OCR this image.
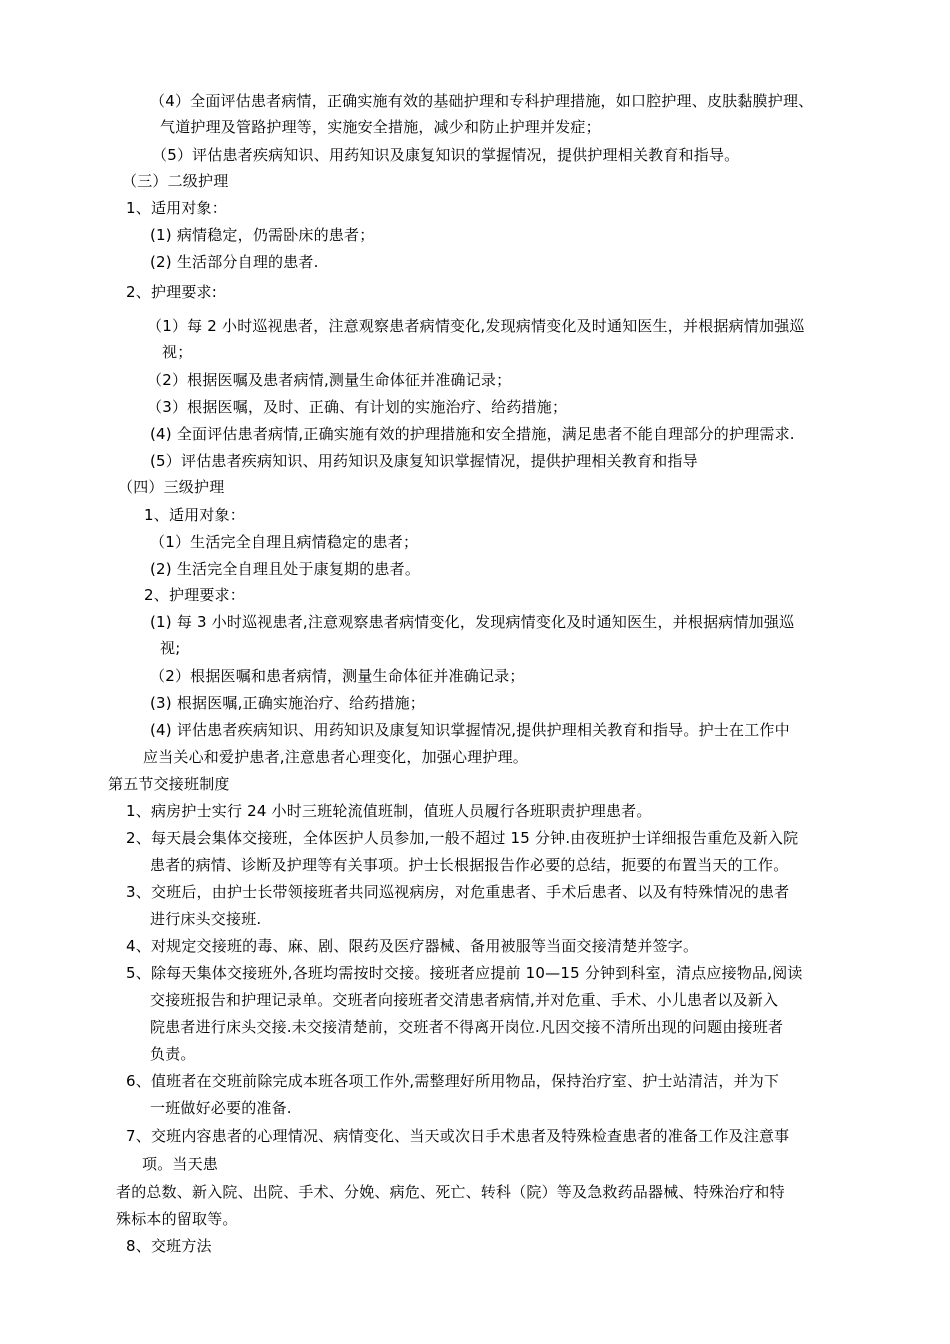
（4）全面评估患者病情，正确实施有效的基础护理和专科护理措施，如口腔护理、皮肤黏膜护理、
气道护理及管路护理等，实施安全措施，减少和防止护理并发症；
（5）评估患者疾病知识、用药知识及康复知识的掌握情况，提供护理相关教育和指导。
（三）二级护理
1、适用对象：
(1) 病情稳定，仍需卧床的患者；
(2) 生活部分自理的患者.
2、护理要求:
（1）每 2 小时巡视患者，注意观察患者病情变化,发现病情变化及时通知医生，并根据病情加强巡
视；
（2）根据医嘱及患者病情,测量生命体征并准确记录；
（3）根据医嘱，及时、正确、有计划的实施治疗、给药措施；
(4) 全面评估患者病情,正确实施有效的护理措施和安全措施，满足患者不能自理部分的护理需求.
(5）评估患者疾病知识、用药知识及康复知识掌握情况，提供护理相关教育和指导
（四）三级护理
1、适用对象：
（1）生活完全自理且病情稳定的患者；
(2) 生活完全自理且处于康复期的患者。
2、护理要求：
(1) 每 3 小时巡视患者,注意观察患者病情变化，发现病情变化及时通知医生，并根据病情加强巡
视;
（2）根据医嘱和患者病情，测量生命体征并准确记录；
(3) 根据医嘱,正确实施治疗、给药措施；
(4) 评估患者疾病知识、用药知识及康复知识掌握情况,提供护理相关教育和指导。护士在工作中
应当关心和爱护患者,注意患者心理变化，加强心理护理。
第五节交接班制度
1、病房护士实行 24 小时三班轮流值班制，值班人员履行各班职责护理患者。
2、每天晨会集体交接班，全体医护人员参加,一般不超过 15 分钟.由夜班护士详细报告重危及新入院
患者的病情、诊断及护理等有关事项。护士长根据报告作必要的总结，扼要的布置当天的工作。
3、交班后，由护士长带领接班者共同巡视病房，对危重患者、手术后患者、以及有特殊情况的患者
进行床头交接班.
4、对规定交接班的毒、麻、剧、限药及医疗器械、备用被服等当面交接清楚并签字。
5、除每天集体交接班外,各班均需按时交接。接班者应提前 10—15 分钟到科室，清点应接物品,阅读
交接班报告和护理记录单。交班者向接班者交清患者病情,并对危重、手术、小儿患者以及新入
院患者进行床头交接.未交接清楚前，交班者不得离开岗位.凡因交接不清所出现的问题由接班者
负责。
6、值班者在交班前除完成本班各项工作外,需整理好所用物品，保持治疗室、护士站清洁，并为下
一班做好必要的准备.
7、交班内容患者的心理情况、病情变化、当天或次日手术患者及特殊检查患者的准备工作及注意事
项。当天患
者的总数、新入院、出院、手术、分娩、病危、死亡、转科（院）等及急救药品器械、特殊治疗和特
殊标本的留取等。
8、交班方法
